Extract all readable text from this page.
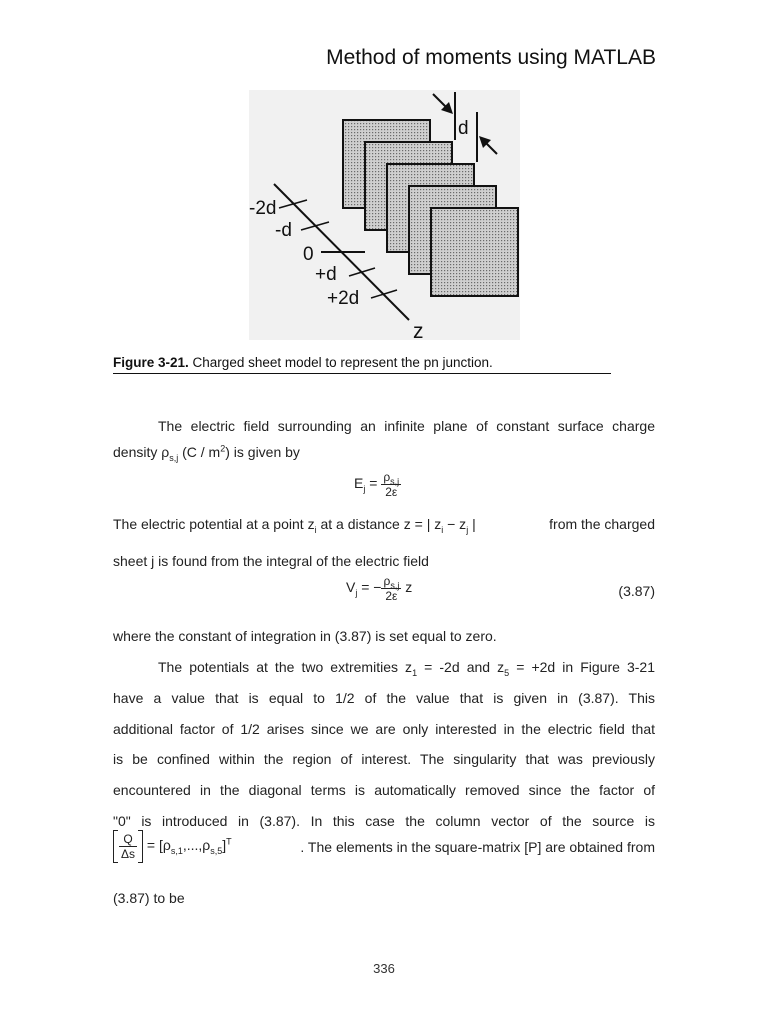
Method of moments using MATLAB
d
-2d
-d
0
+d
+2d
z
Figure 3-21. Charged sheet model to represent the pn junction.
The electric field surrounding an infinite plane of constant surface charge
density $\rho_{s,j}$ $(C / m^2)$ is given by
$E_j = \frac{\rho_{s,j}}{2\varepsilon}$
The electric potential at a point $z_i$ at a distance z = | $z_i - z_j$ |	from the charged
sheet j is found from the integral of the electric field
$V_j$ = − $\frac{\rho_{s,j}}{2\varepsilon}$ z	(3.87)
where the constant of integration in (3.87) is set equal to zero.
The potentials at the two extremities $z_1 = -2d$ and $z_5 = +2d$ in Figure 3-21
have a value that is equal to 1/2 of the value that is given in (3.87). This
additional factor of 1/2 arises since we are only interested in the electric field that
is be confined within the region of interest. The singularity that was previously
encountered in the diagonal terms is automatically removed since the factor of
"0" is introduced in (3.87). In this case the column vector of the source is
$\frac{Q}{\Delta s} = [\rho_{s,1},...,\rho_{s,5}]^T$	. The elements in the square-matrix [P] are obtained from
(3.87) to be
336
